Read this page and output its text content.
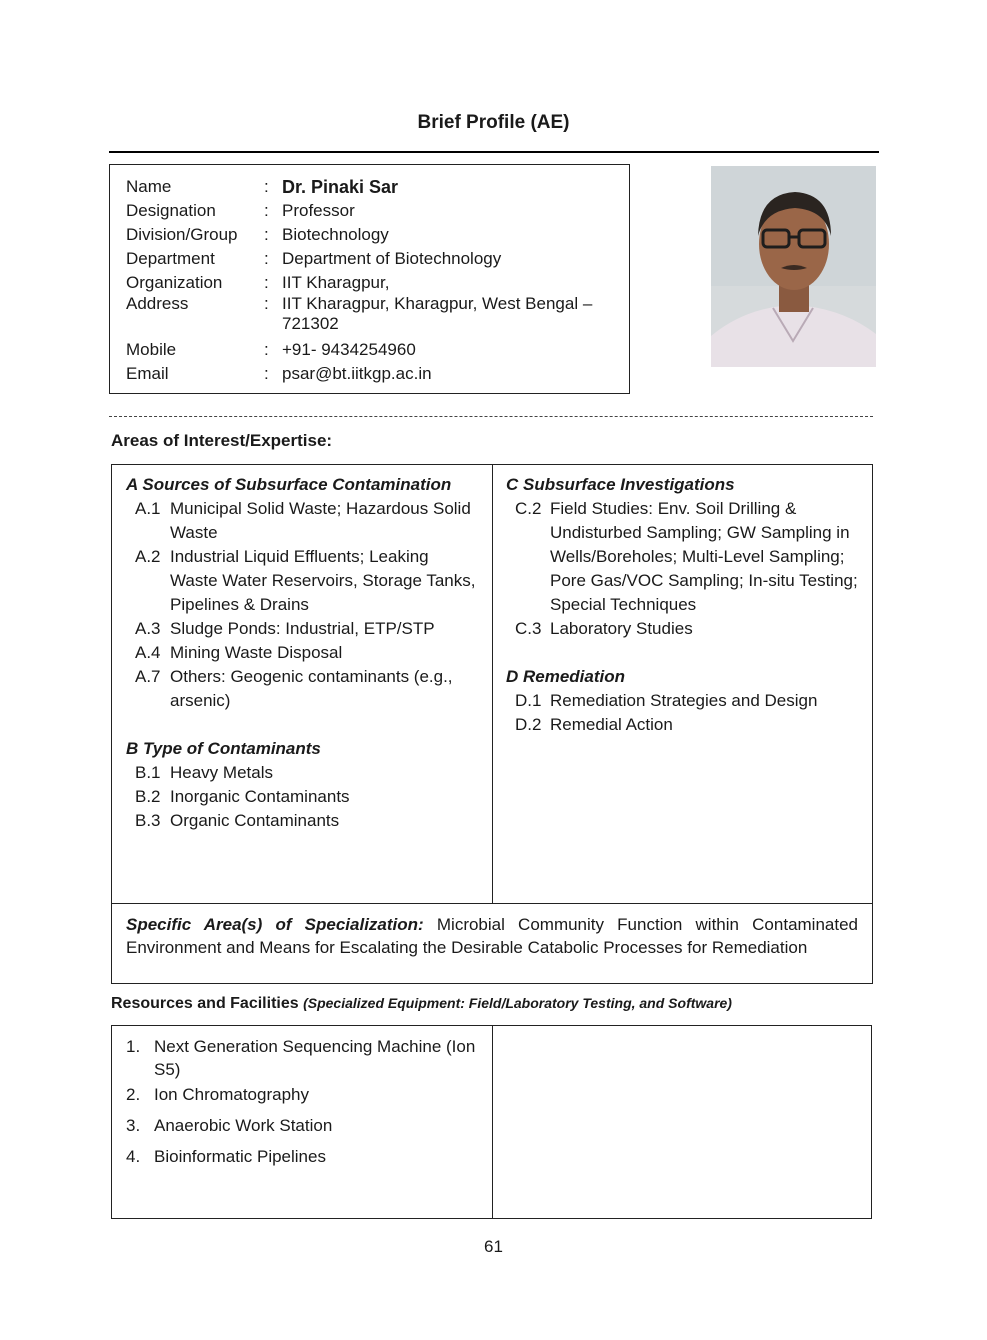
Brief Profile (AE)
Name	: Dr. Pinaki Sar
Designation	: Professor
Division/Group	: Biotechnology
Department	: Department of Biotechnology
Organization	: IIT Kharagpur,
Address	: IIT Kharagpur, Kharagpur, West Bengal – 721302
Mobile	: +91- 9434254960
Email	: psar@bt.iitkgp.ac.in
Areas of Interest/Expertise:
A Sources of Subsurface Contamination
A.1 Municipal Solid Waste; Hazardous Solid Waste
A.2 Industrial Liquid Effluents; Leaking Waste Water Reservoirs, Storage Tanks, Pipelines & Drains
A.3 Sludge Ponds: Industrial, ETP/STP
A.4 Mining Waste Disposal
A.7 Others: Geogenic contaminants (e.g., arsenic)
B Type of Contaminants
B.1 Heavy Metals
B.2 Inorganic Contaminants
B.3 Organic Contaminants
C Subsurface Investigations
C.2 Field Studies: Env. Soil Drilling & Undisturbed Sampling; GW Sampling in Wells/Boreholes; Multi-Level Sampling; Pore Gas/VOC Sampling; In-situ Testing; Special Techniques
C.3 Laboratory Studies
D Remediation
D.1 Remediation Strategies and Design
D.2 Remedial Action
Specific Area(s) of Specialization: Microbial Community Function within Contaminated Environment and Means for Escalating the Desirable Catabolic Processes for Remediation
Resources and Facilities (Specialized Equipment: Field/Laboratory Testing, and Software)
1. Next Generation Sequencing Machine (Ion S5)
2. Ion Chromatography
3. Anaerobic Work Station
4. Bioinformatic Pipelines
61
